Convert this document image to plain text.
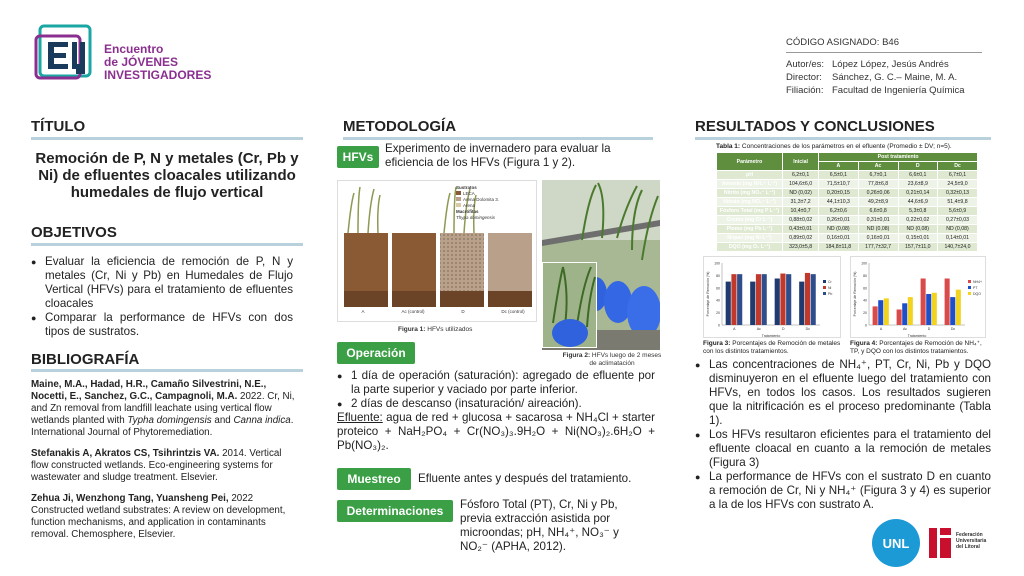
Encuentro
de JÓVENES
INVESTIGADORES
CÓDIGO ASIGNADO: B46
Autor/es: López López, Jesús Andrés
Director: Sánchez, G. C.– Maine, M. A.
Filiación: Facultad de Ingeniería Química
TÍTULO
Remoción de P, N y metales (Cr, Pb y Ni) de efluentes cloacales utilizando humedales de flujo vertical
OBJETIVOS
● Evaluar la eficiencia de remoción de P, N y metales (Cr, Ni y Pb) en Humedales de Flujo Vertical (HFVs) para el tratamiento de efluentes cloacales
● Comparar la performance de HFVs con dos tipos de sustratos.
BIBLIOGRAFÍA
Maine, M.A., Hadad, H.R., Camaño Silvestrini, N.E., Nocetti, E., Sanchez, G.C., Campagnoli, M.A. 2022. Cr, Ni, and Zn removal from landfill leachate using vertical flow wetlands planted with Typha domingensis and Canna indica. International Journal of Phytoremediation.
Stefanakis A, Akratos CS, Tsihrintzis VA. 2014. Vertical flow constructed wetlands. Eco-engineering systems for wastewater and sludge treatment. Elsevier.
Zehua Ji, Wenzhong Tang, Yuansheng Pei, 2022 Constructed wetland substrates: A review on development, function mechanisms, and application in contaminants removal. Chemosphere, Elsevier.
METODOLOGÍA
HFVs
Experimento de invernadero para evaluar la eficiencia de los HFVs (Figura 1 y 2).
Sustratos
LECA
Arena Dolomita 3.
Arena
Macrófitas
Thypa domingensis
A	Ac (control)	D	Dc (control)
Figura 1: HFVs utilizados
Figura 2: HFVs luego de 2 meses de aclimatación
Operación
● 1 día de operación (saturación): agregado de efluente por la parte superior y vaciado por parte inferior.
● 2 días de descanso (insaturación/ aireación).
Efluente: agua de red + glucosa + sacarosa + NH₄Cl + starter proteico + NaH₂PO₄ + Cr(NO₃)₃.9H₂O + Ni(NO₃)₂.6H₂O + Pb(NO₃)₂.
Muestreo	Efluente antes y después del tratamiento.
Determinaciones	Fósforo Total (PT), Cr, Ni y Pb, previa extracción asistida por microondas; pH, NH₄⁺, NO₃⁻ y NO₂⁻ (APHA, 2012).
RESULTADOS Y CONCLUSIONES
Tabla 1: Concentraciones de los parámetros en el efluente (Promedio ± DV; n=5).
Parámetro	Inicial	Post tratamiento			
		A	Ac	D	Dc
pH	6,2±0,1	6,5±0,1	6,7±0,1	6,6±0,1	6,7±0,1
Amonio (mg NH₄⁺ L⁻¹)	104,6±6,0	71,5±10,7	77,8±6,8	23,6±8,9	24,5±9,0
Nitrito (mg NO₂⁻ L⁻¹)	ND (0,02)	0,20±0,15	0,26±0,06	0,21±0,14	0,32±0,13
Nitrato (mg NO₃⁻ L⁻¹)	31,3±7,2	44,1±10,3	49,2±8,9	44,6±6,9	51,4±9,8
Fósforo Total (mg P L⁻¹)	10,4±0,7	6,2±0,6	6,6±0,8	5,3±0,8	5,6±0,9
Cromo (mg Cr L⁻¹)	0,88±0,02	0,26±0,01	0,31±0,01	0,22±0,02	0,27±0,03
Plomo (mg Pb L⁻¹)	0,43±0,01	ND (0,08)	ND (0,08)	ND (0,08)	ND (0,08)
Níquel (mg Ni L⁻¹)	0,89±0,02	0,16±0,01	0,16±0,01	0,15±0,01	0,14±0,01
DQO (mg O₂ L⁻¹)	323,0±5,8	184,8±11,8	177,7±32,7	157,7±11,0	140,7±24,0
0
20
40
60
80
100
Porcentaje de Remoción (%)
Tratamiento
A	Ac	D	Dc
Cr
Ni
Pb
Figura 3: Porcentajes de Remoción de metales con los distintos tratamientos.
0
20
40
60
80
100
Porcentaje de Remoción (%)
Tratamiento
A	Ac	D	Dc
NH4+
PT
DQO
Figura 4: Porcentajes de Remoción de NH₄⁺, TP, y DQO con los distintos tratamientos.
● Las concentraciones de NH₄⁺, PT, Cr, Ni, Pb y DQO disminuyeron en el efluente luego del tratamiento con HFVs, en todos los casos. Los resultados sugieren que la nitrificación es el proceso predominante (Tabla 1).
● Los HFVs resultaron eficientes para el tratamiento del efluente cloacal en cuanto a la remoción de metales (Figura 3)
● La performance de HFVs con el sustrato D en cuanto a remoción de Cr, Ni y NH₄⁺ (Figura 3 y 4) es superior a la de los HFVs con sustrato A.
UNL
Federación
Universitaria
del Litoral
